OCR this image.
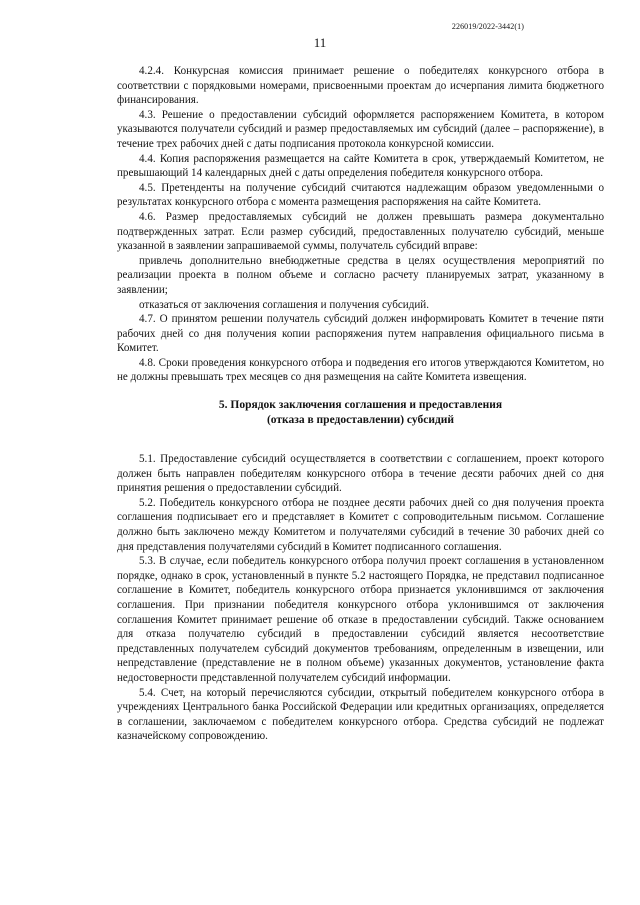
226019/2022-3442(1)
11

4.2.4. Конкурсная комиссия принимает решение о победителях конкурсного отбора в соответствии с порядковыми номерами, присвоенными проектам до исчерпания лимита бюджетного финансирования.

4.3. Решение о предоставлении субсидий оформляется распоряжением Комитета, в котором указываются получатели субсидий и размер предоставляемых им субсидий (далее – распоряжение), в течение трех рабочих дней с даты подписания протокола конкурсной комиссии.

4.4. Копия распоряжения размещается на сайте Комитета в срок, утверждаемый Комитетом, не превышающий 14 календарных дней с даты определения победителя конкурсного отбора.

4.5. Претенденты на получение субсидий считаются надлежащим образом уведомленными о результатах конкурсного отбора с момента размещения распоряжения на сайте Комитета.

4.6. Размер предоставляемых субсидий не должен превышать размера документально подтвержденных затрат. Если размер субсидий, предоставленных получателю субсидий, меньше указанной в заявлении запрашиваемой суммы, получатель субсидий вправе:

привлечь дополнительно внебюджетные средства в целях осуществления мероприятий по реализации проекта в полном объеме и согласно расчету планируемых затрат, указанному в заявлении;

отказаться от заключения соглашения и получения субсидий.

4.7. О принятом решении получатель субсидий должен информировать Комитет в течение пяти рабочих дней со дня получения копии распоряжения путем направления официального письма в Комитет.

4.8. Сроки проведения конкурсного отбора и подведения его итогов утверждаются Комитетом, но не должны превышать трех месяцев со дня размещения на сайте Комитета извещения.

5. Порядок заключения соглашения и предоставления
(отказа в предоставлении) субсидий

5.1. Предоставление субсидий осуществляется в соответствии с соглашением, проект которого должен быть направлен победителям конкурсного отбора в течение десяти рабочих дней со дня принятия решения о предоставлении субсидий.

5.2. Победитель конкурсного отбора не позднее десяти рабочих дней со дня получения проекта соглашения подписывает его и представляет в Комитет с сопроводительным письмом. Соглашение должно быть заключено между Комитетом и получателями субсидий в течение 30 рабочих дней со дня представления получателями субсидий в Комитет подписанного соглашения.

5.3. В случае, если победитель конкурсного отбора получил проект соглашения в установленном порядке, однако в срок, установленный в пункте 5.2 настоящего Порядка, не представил подписанное соглашение в Комитет, победитель конкурсного отбора признается уклонившимся от заключения соглашения. При признании победителя конкурсного отбора уклонившимся от заключения соглашения Комитет принимает решение об отказе в предоставлении субсидий. Также основанием для отказа получателю субсидий в предоставлении субсидий является несоответствие представленных получателем субсидий документов требованиям, определенным в извещении, или непредставление (представление не в полном объеме) указанных документов, установление факта недостоверности представленной получателем субсидий информации.

5.4. Счет, на который перечисляются субсидии, открытый победителем конкурсного отбора в учреждениях Центрального банка Российской Федерации или кредитных организациях, определяется в соглашении, заключаемом с победителем конкурсного отбора. Средства субсидий не подлежат казначейскому сопровождению.
